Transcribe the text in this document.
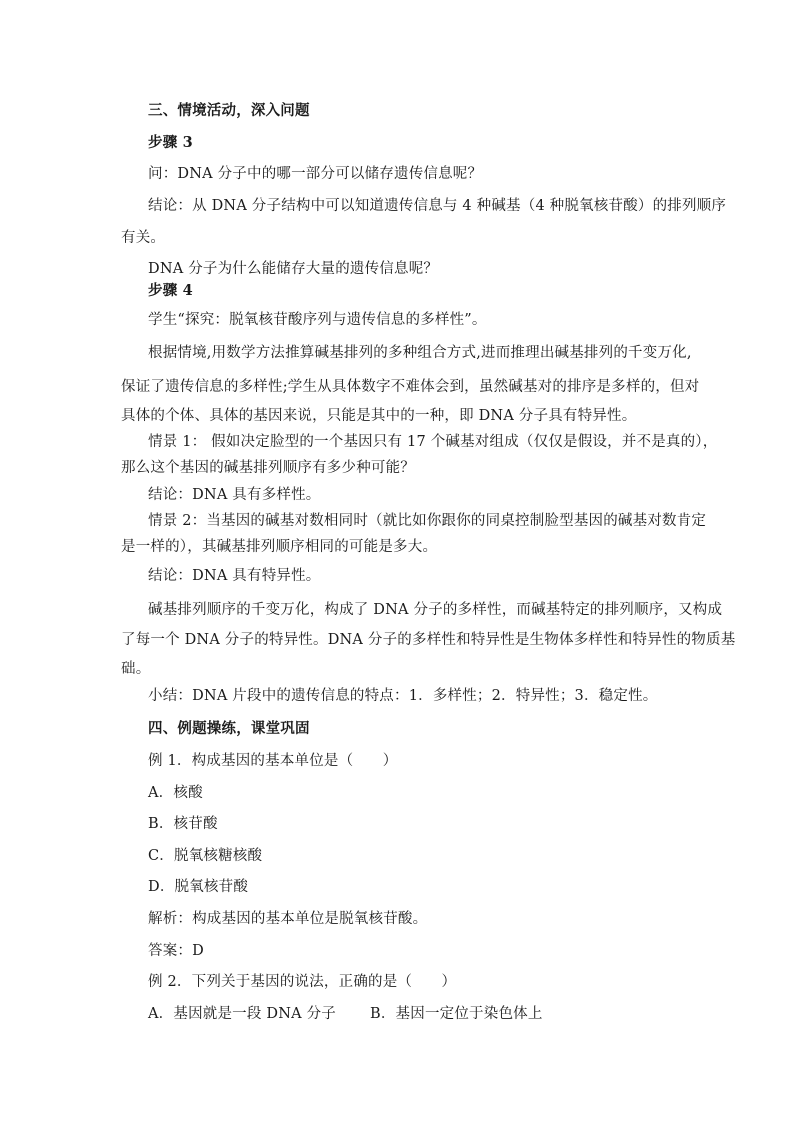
三、情境活动，深入问题
步骤 3
问：DNA 分子中的哪一部分可以储存遗传信息呢？
结论：从 DNA 分子结构中可以知道遗传信息与 4 种碱基（4 种脱氧核苷酸）的排列顺序
有关。
DNA 分子为什么能储存大量的遗传信息呢？
步骤 4
学生“探究：脱氧核苷酸序列与遗传信息的多样性”。
根据情境,用数学方法推算碱基排列的多种组合方式,进而推理出碱基排列的千变万化,
保证了遗传信息的多样性;学生从具体数字不难体会到，虽然碱基对的排序是多样的，但对
具体的个体、具体的基因来说，只能是其中的一种，即 DNA 分子具有特异性。
情景 1： 假如决定脸型的一个基因只有 17 个碱基对组成（仅仅是假设，并不是真的），
那么这个基因的碱基排列顺序有多少种可能？
结论：DNA 具有多样性。
情景 2：当基因的碱基对数相同时（就比如你跟你的同桌控制脸型基因的碱基对数肯定
是一样的），其碱基排列顺序相同的可能是多大。
结论：DNA 具有特异性。
碱基排列顺序的千变万化，构成了 DNA 分子的多样性，而碱基特定的排列顺序，又构成
了每一个 DNA 分子的特异性。DNA 分子的多样性和特异性是生物体多样性和特异性的物质基
础。
小结：DNA 片段中的遗传信息的特点：1．多样性；2．特异性；3．稳定性。
四、例题操练，课堂巩固
例 1．构成基因的基本单位是（　　）
A．核酸
B．核苷酸
C．脱氧核糖核酸
D．脱氧核苷酸
解析：构成基因的基本单位是脱氧核苷酸。
答案：D
例 2．下列关于基因的说法，正确的是（　　）
A．基因就是一段 DNA 分子 B．基因一定位于染色体上
